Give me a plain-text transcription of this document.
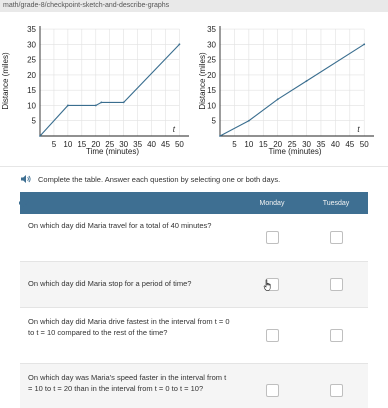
math/grade-8/checkpoint-sketch-and-describe-graphs
5 10 15 20 25 30 35 40 45 50
35
30
25
20
15
10
5
t
Time (minutes)
Distance (miles)
5 10 15 20 25 30 35 40 45 50
35
30
25
20
15
10
5
t
Time (minutes)
Distance (miles)
Complete the table. Answer each question by selecting one or both days.
Monday	Tuesday
On which day did Maria travel for a total of 40 minutes?
On which day did Maria stop for a period of time?
On which day did Maria drive fastest in the interval from t = 0 to t = 10 compared to the rest of the time?
On which day was Maria's speed faster in the interval from t = 10 to t = 20 than in the interval from t = 0 to t = 10?
